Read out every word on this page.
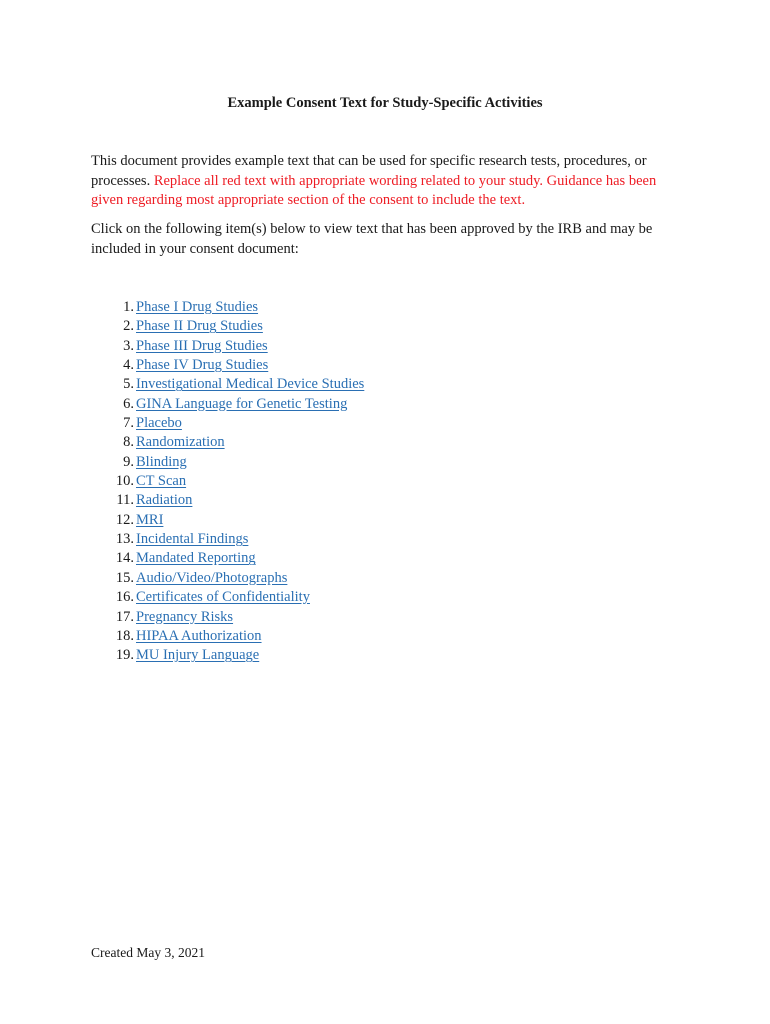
Example Consent Text for Study-Specific Activities

This document provides example text that can be used for specific research tests, procedures, or processes. Replace all red text with appropriate wording related to your study. Guidance has been given regarding most appropriate section of the consent to include the text.

Click on the following item(s) below to view text that has been approved by the IRB and may be included in your consent document:

1. Phase I Drug Studies
2. Phase II Drug Studies
3. Phase III Drug Studies
4. Phase IV Drug Studies
5. Investigational Medical Device Studies
6. GINA Language for Genetic Testing
7. Placebo
8. Randomization
9. Blinding
10. CT Scan
11. Radiation
12. MRI
13. Incidental Findings
14. Mandated Reporting
15. Audio/Video/Photographs
16. Certificates of Confidentiality
17. Pregnancy Risks
18. HIPAA Authorization
19. MU Injury Language

Created May 3, 2021
